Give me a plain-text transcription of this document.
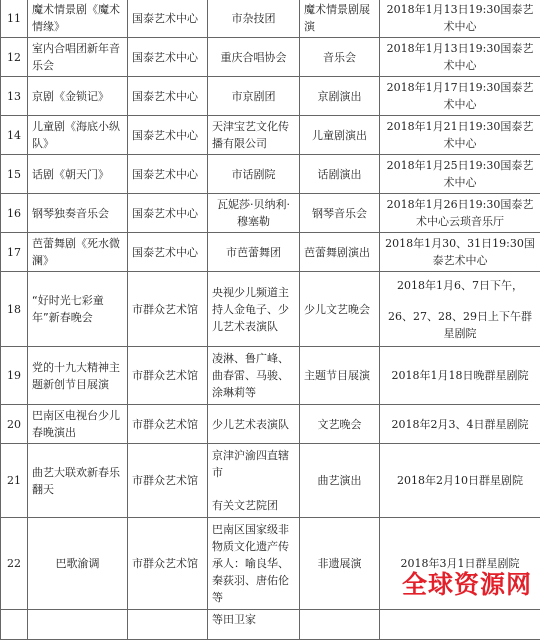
11	魔术情景剧《魔术情缘》	国泰艺术中心	市杂技团	魔术情景剧展演	2018年1月13日19:30国泰艺术中心
12	室内合唱团新年音乐会	国泰艺术中心	重庆合唱协会	音乐会	2018年1月13日19:30国泰艺术中心
13	京剧《金锁记》	国泰艺术中心	市京剧团	京剧演出	2018年1月17日19:30国泰艺术中心
14	儿童剧《海底小纵队》	国泰艺术中心	天津宝艺文化传播有限公司	儿童剧演出	2018年1月21日19:30国泰艺术中心
15	话剧《朝天门》	国泰艺术中心	市话剧院	话剧演出	2018年1月25日19:30国泰艺术中心
16	钢琴独奏音乐会	国泰艺术中心	瓦妮莎·贝纳利·穆塞勒	钢琴音乐会	2018年1月26日19:30国泰艺术中心云琐音乐厅
17	芭蕾舞剧《死水微澜》	国泰艺术中心	市芭蕾舞团	芭蕾舞剧演出	2018年1月30、31日19:30国泰艺术中心
18	“好时光七彩童年”新春晚会	市群众艺术馆	央视少儿频道主持人金龟子、少儿艺术表演队	少儿文艺晚会	2018年1月6、7日下午，
26、27、28、29日上下午群星剧院

19	党的十九大精神主题新创节目展演	市群众艺术馆	凌淋、鲁广峰、曲春雷、马骏、涂琳莉等	主题节目展演	2018年1月18日晚群星剧院
20	巴南区电视台少儿春晚演出	市群众艺术馆	少儿艺术表演队	文艺晚会	2018年2月3、4日群星剧院
21	曲艺大联欢新春乐翻天	市群众艺术馆	京津沪渝四直辖市
有关文艺院团	曲艺演出	2018年2月10日群星剧院
22	巴歌渝调	市群众艺术馆	巴南区国家级非物质文化遗产传承人：喻良华、秦荻羽、唐佑伦等	非遗展演	2018年3月1日群星剧院
			等田卫家		
全球资源网
